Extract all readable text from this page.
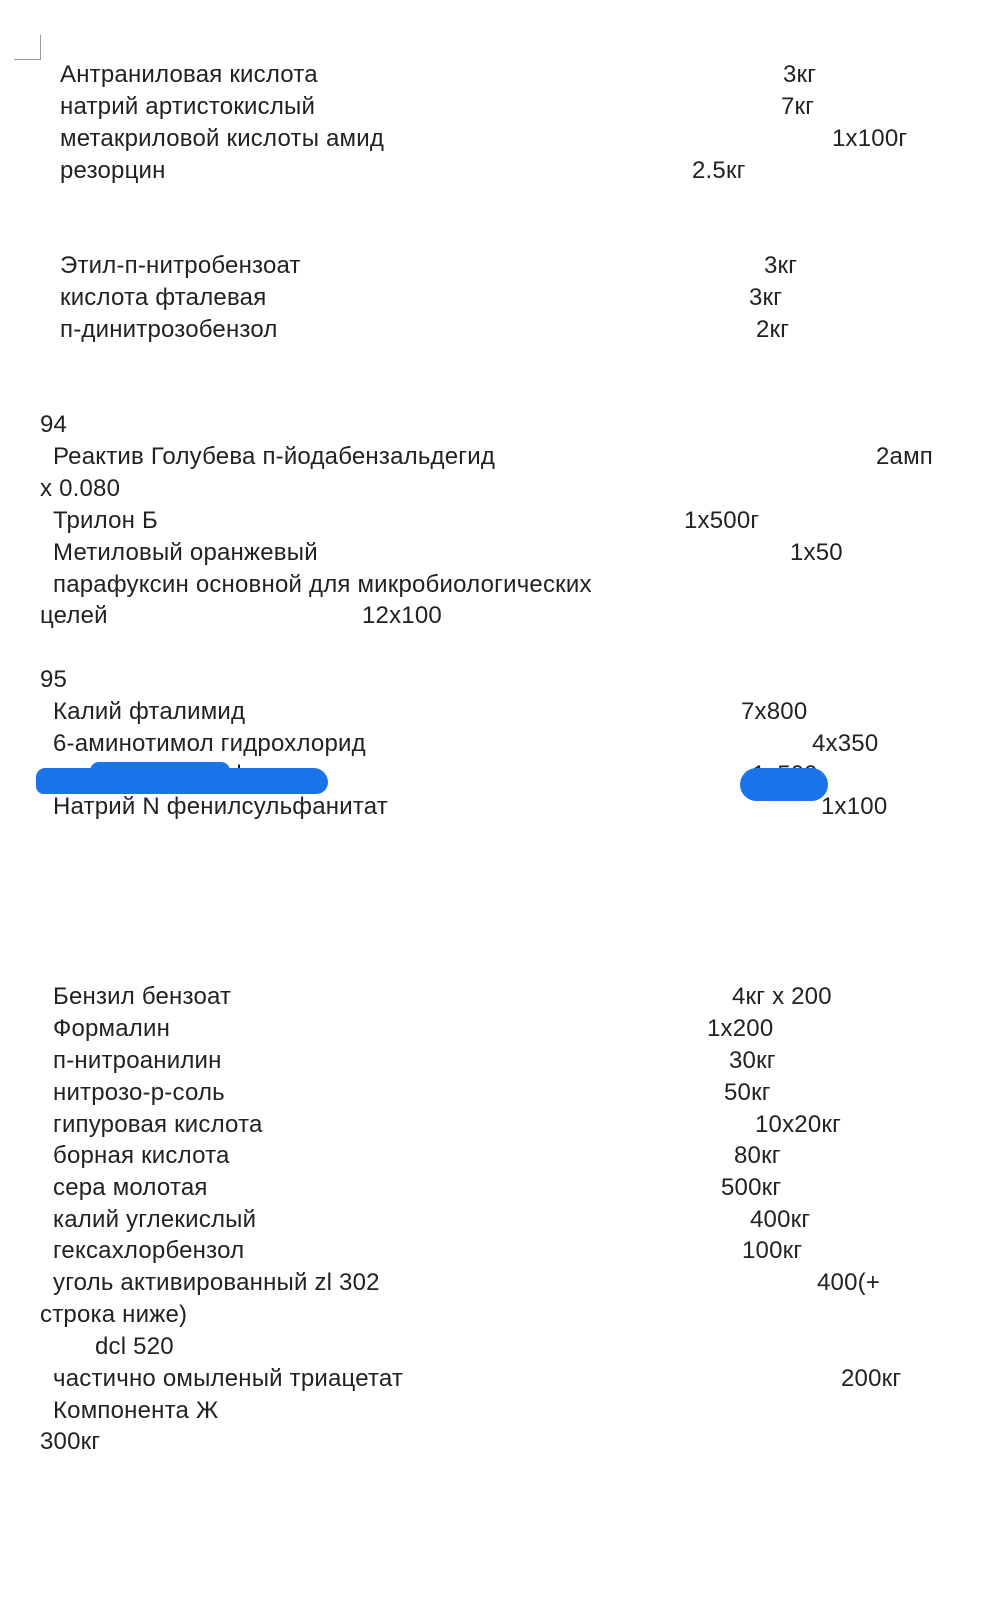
Антраниловая кислота	3кг
натрий артистокислый	7кг
метакриловой кислоты амид	1х100г
резорцин	2.5кг
Этил-п-нитробензоат	3кг
кислота фталевая	3кг
п-динитрозобензол	2кг
94
Реактив Голубева п-йодабензальдегид	2амп
х 0.080
Трилон Б	1х500г
Метиловый оранжевый	1х50
парафуксин основной для микробиологических
целей	12х100
95
Калий фталимид	7х800
6-аминотимол гидрохлорид	4х350
Натрий N фенилсульфанитат	1х100
Бензил бензоат	4кг х 200
Формалин	1х200
п-нитроанилин	30кг
нитрозо-р-соль	50кг
гипуровая кислота	10х20кг
борная кислота	80кг
сера молотая	500кг
калий углекислый	400кг
гексахлорбензол	100кг
уголь активированный zl 302	400(+
строка ниже)
dcl 520
частично омыленый триацетат	200кг
Компонента Ж
300кг
